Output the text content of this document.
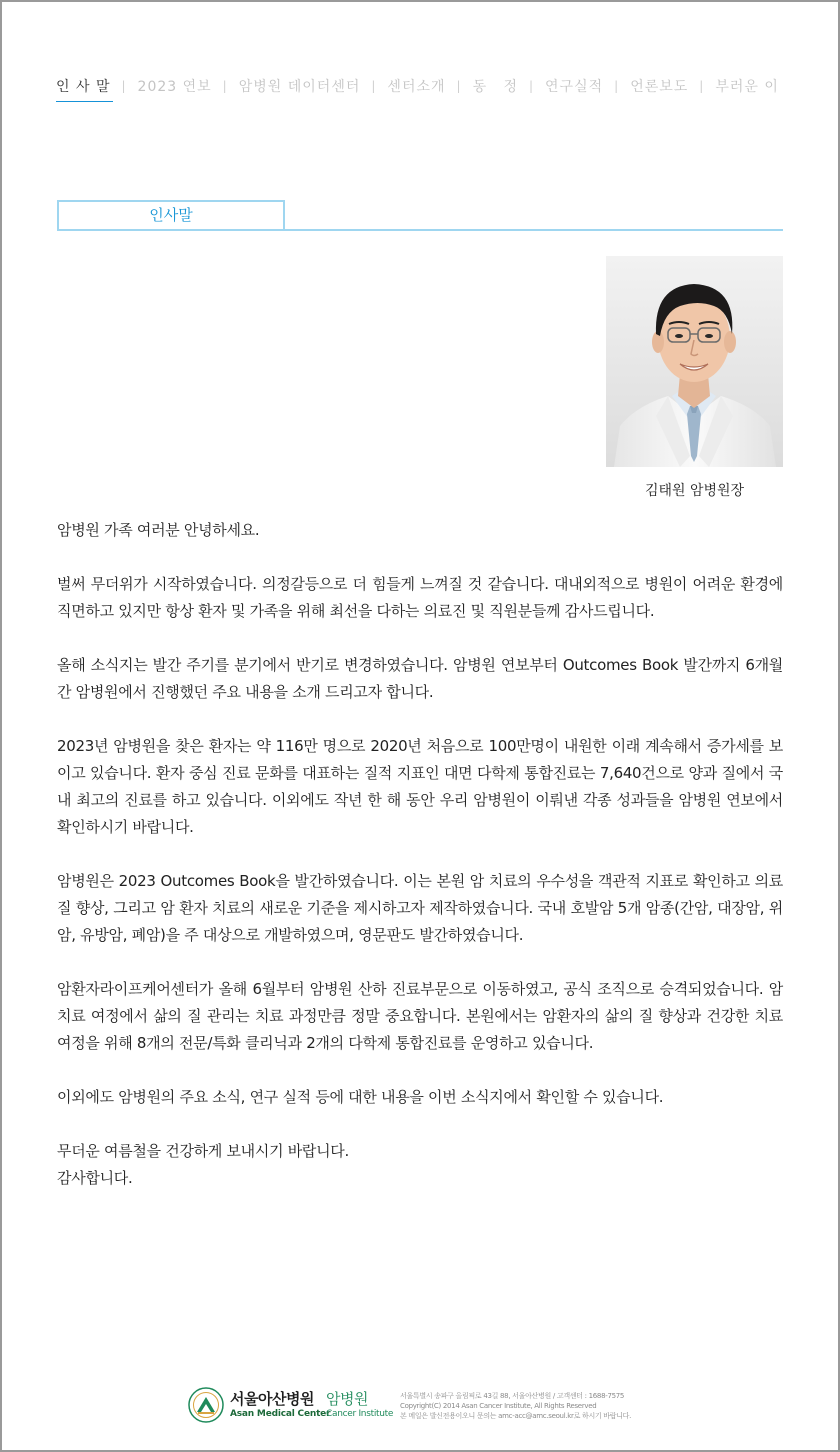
인 사 말 | 2023 연보 | 암병원 데이터센터 | 센터소개 | 동   정 | 연구실적 | 언론보도 | 부러운 이
인사말
김태원 암병원장

암병원 가족 여러분 안녕하세요.

벌써 무더위가 시작하였습니다. 의정갈등으로 더 힘들게 느껴질 것 같습니다. 대내외적으로 병원이 어려운 환경에 직면하고 있지만 항상 환자 및 가족을 위해 최선을 다하는 의료진 및 직원분들께 감사드립니다.

올해 소식지는 발간 주기를 분기에서 반기로 변경하였습니다. 암병원 연보부터 Outcomes Book 발간까지 6개월 간 암병원에서 진행했던 주요 내용을 소개 드리고자 합니다.

2023년 암병원을 찾은 환자는 약 116만 명으로 2020년 처음으로 100만명이 내원한 이래 계속해서 증가세를 보이고 있습니다. 환자 중심 진료 문화를 대표하는 질적 지표인 대면 다학제 통합진료는 7,640건으로 양과 질에서 국내 최고의 진료를 하고 있습니다. 이외에도 작년 한 해 동안 우리 암병원이 이뤄낸 각종 성과들을 암병원 연보에서 확인하시기 바랍니다.

암병원은 2023 Outcomes Book을 발간하였습니다. 이는 본원 암 치료의 우수성을 객관적 지표로 확인하고 의료 질 향상, 그리고 암 환자 치료의 새로운 기준을 제시하고자 제작하였습니다. 국내 호발암 5개 암종(간암, 대장암, 위암, 유방암, 폐암)을 주 대상으로 개발하였으며, 영문판도 발간하였습니다.

암환자라이프케어센터가 올해 6월부터 암병원 산하 진료부문으로 이동하였고, 공식 조직으로 승격되었습니다. 암 치료 여정에서 삶의 질 관리는 치료 과정만큼 정말 중요합니다. 본원에서는 암환자의 삶의 질 향상과 건강한 치료 여정을 위해 8개의 전문/특화 클리닉과 2개의 다학제 통합진료를 운영하고 있습니다.

이외에도 암병원의 주요 소식, 연구 실적 등에 대한 내용을 이번 소식지에서 확인할 수 있습니다.

무더운 여름철을 건강하게 보내시기 바랍니다.

감사합니다.

서울아산병원
Asan Medical Center
암병원
Cancer Institute
서울특별시 송파구 올림픽로 43길 88, 서울아산병원 / 고객센터 : 1688-7575
Copyright(C) 2014 Asan Cancer Institute, All Rights Reserved
본 메일은 발신전용이오니 문의는 amc-acc@amc.seoul.kr로 하시기 바랍니다.
